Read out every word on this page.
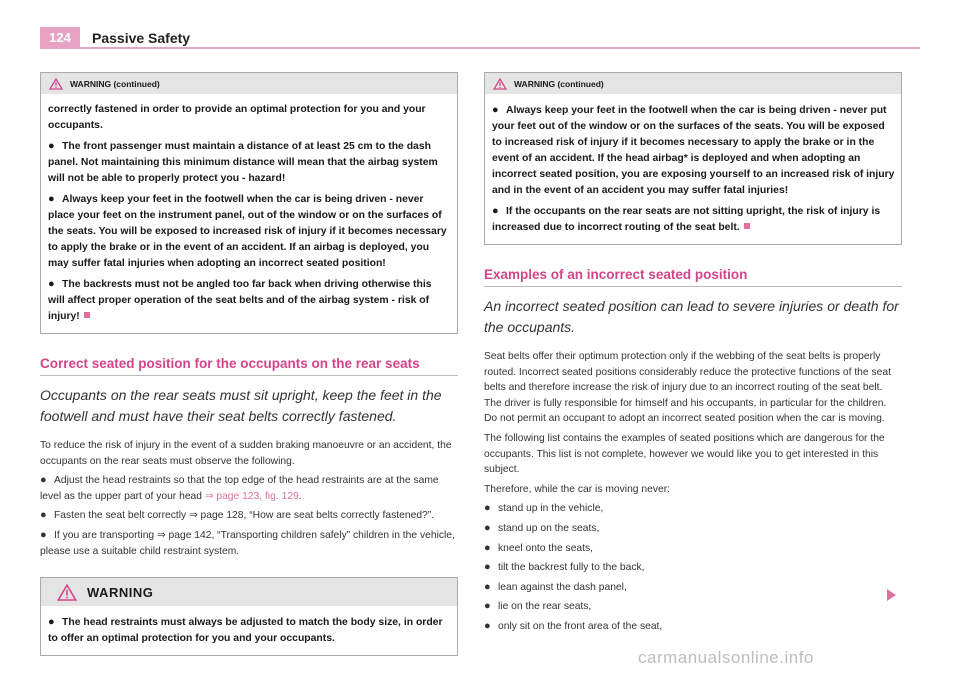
124	Passive Safety
WARNING (continued)

correctly fastened in order to provide an optimal protection for you and your occupants.

● The front passenger must maintain a distance of at least 25 cm to the dash panel. Not maintaining this minimum distance will mean that the airbag system will not be able to properly protect you - hazard!

● Always keep your feet in the footwell when the car is being driven - never place your feet on the instrument panel, out of the window or on the surfaces of the seats. You will be exposed to increased risk of injury if it becomes necessary to apply the brake or in the event of an accident. If an airbag is deployed, you may suffer fatal injuries when adopting an incorrect seated position!

● The backrests must not be angled too far back when driving otherwise this will affect proper operation of the seat belts and of the airbag system - risk of injury!

Correct seated position for the occupants on the rear seats
Occupants on the rear seats must sit upright, keep the feet in the footwell and must have their seat belts correctly fastened.

To reduce the risk of injury in the event of a sudden braking manoeuvre or an accident, the occupants on the rear seats must observe the following.

● Adjust the head restraints so that the top edge of the head restraints are at the same level as the upper part of your head ⇒ page 123, fig. 129.

● Fasten the seat belt correctly ⇒ page 128, “How are seat belts correctly fastened?”.

● If you are transporting ⇒ page 142, “Transporting children safely” children in the vehicle, please use a suitable child restraint system.

WARNING

● The head restraints must always be adjusted to match the body size, in order to offer an optimal protection for you and your occupants.

WARNING (continued)

● Always keep your feet in the footwell when the car is being driven - never put your feet out of the window or on the surfaces of the seats. You will be exposed to increased risk of injury if it becomes necessary to apply the brake or in the event of an accident. If the head airbag* is deployed and when adopting an incorrect seated position, you are exposing yourself to an increased risk of injury and in the event of an accident you may suffer fatal injuries!

● If the occupants on the rear seats are not sitting upright, the risk of injury is increased due to incorrect routing of the seat belt.

Examples of an incorrect seated position
An incorrect seated position can lead to severe injuries or death for the occupants.

Seat belts offer their optimum protection only if the webbing of the seat belts is properly routed. Incorrect seated positions considerably reduce the protective functions of the seat belts and therefore increase the risk of injury due to an incorrect routing of the seat belt. The driver is fully responsible for himself and his occupants, in particular for the children. Do not permit an occupant to adopt an incorrect seated position when the car is moving.

The following list contains the examples of seated positions which are dangerous for the occupants. This list is not complete, however we would like you to get interested in this subject.

Therefore, while the car is moving never:

● stand up in the vehicle,

● stand up on the seats,

● kneel onto the seats,

● tilt the backrest fully to the back,

● lean against the dash panel,

● lie on the rear seats,

● only sit on the front area of the seat,

carmanualsonline.info
